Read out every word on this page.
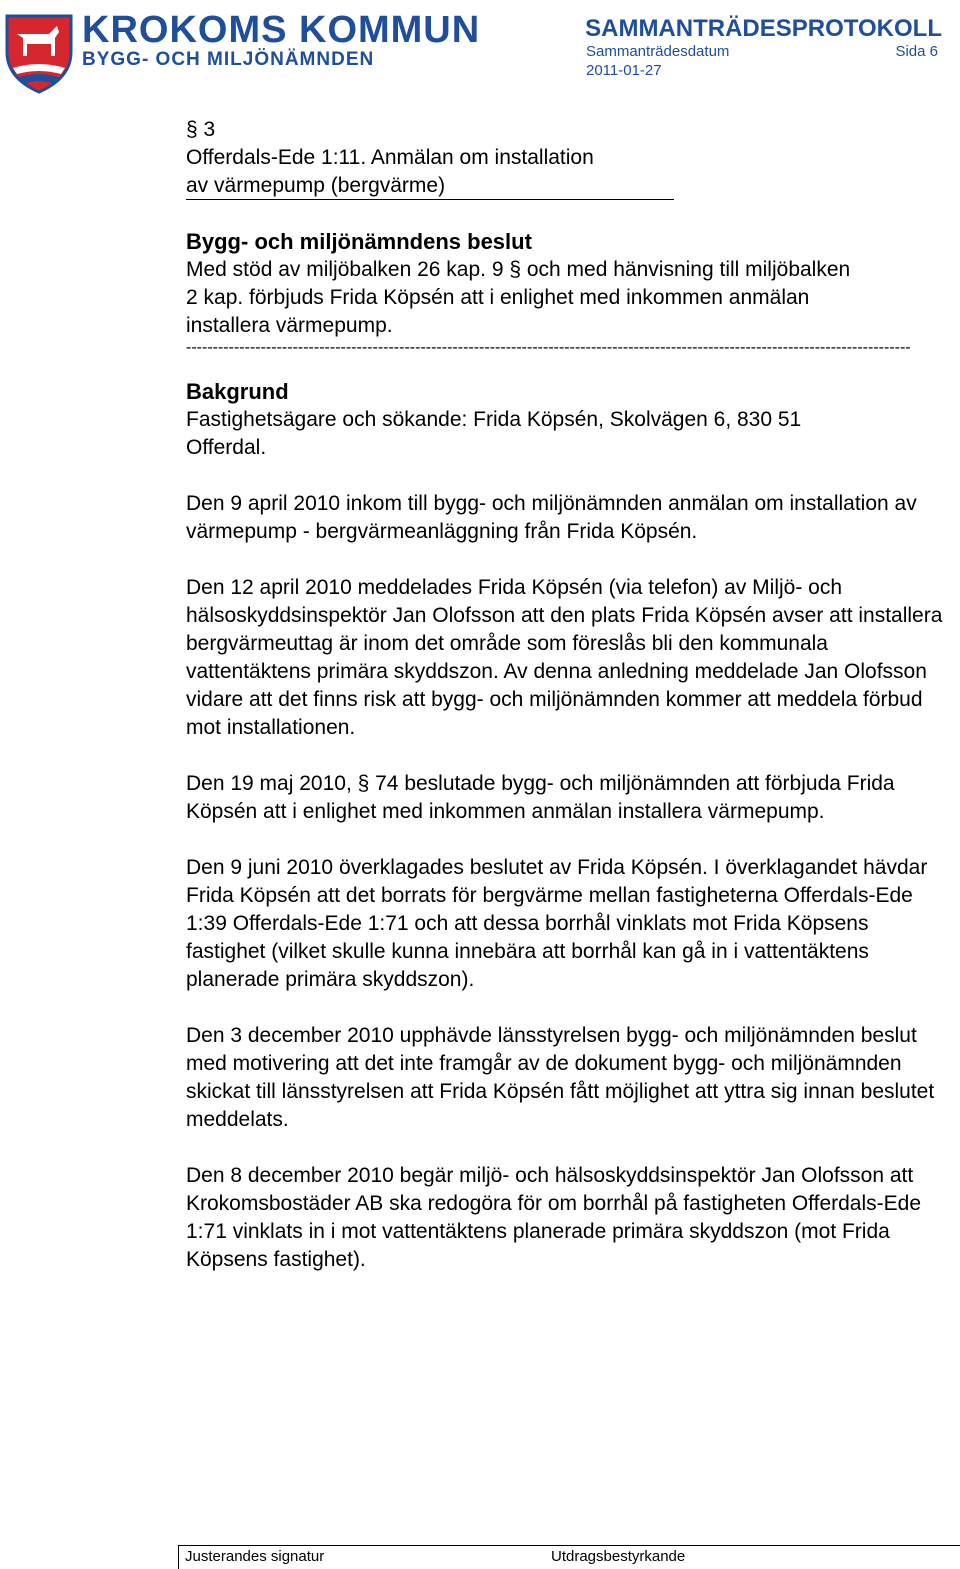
KROKOMS KOMMUN
BYGG- OCH MILJÖNÄMNDEN
SAMMANTRÄDESPROTOKOLL
Sammanträdesdatum	Sida 6
2011-01-27

§ 3

Offerdals-Ede 1:11. Anmälan om installation
av värmepump (bergvärme)

Bygg- och miljönämndens beslut

Med stöd av miljöbalken 26 kap. 9 § och med hänvisning till miljöbalken
2 kap. förbjuds Frida Köpsén att i enlighet med inkommen anmälan
installera värmepump.
----------------------------------------------------------------------------------------------------------------------------------------

Bakgrund

Fastighetsägare och sökande: Frida Köpsén, Skolvägen 6, 830 51 Offerdal.

Den 9 april 2010 inkom till bygg- och miljönämnden anmälan om installation av värmepump - bergvärmeanläggning från Frida Köpsén.

Den 12 april 2010 meddelades Frida Köpsén (via telefon) av Miljö- och hälsoskyddsinspektör Jan Olofsson att den plats Frida Köpsén avser att installera bergvärmeuttag är inom det område som föreslås bli den kommunala vattentäktens primära skyddszon. Av denna anledning meddelade Jan Olofsson vidare att det finns risk att bygg- och miljönämnden kommer att meddela förbud mot installationen.

Den 19 maj 2010, § 74 beslutade bygg- och miljönämnden att förbjuda Frida Köpsén att i enlighet med inkommen anmälan installera värmepump.

Den 9 juni 2010 överklagades beslutet av Frida Köpsén. I överklagandet hävdar Frida Köpsén att det borrats för bergvärme mellan fastigheterna Offerdals-Ede 1:39 Offerdals-Ede 1:71 och att dessa borrhål vinklats mot Frida Köpsens fastighet (vilket skulle kunna innebära att borrhål kan gå in i vattentäktens planerade primära skyddszon).

Den 3 december 2010 upphävde länsstyrelsen bygg- och miljönämnden beslut med motivering att det inte framgår av de dokument bygg- och miljönämnden skickat till länsstyrelsen att Frida Köpsén fått möjlighet att yttra sig innan beslutet meddelats.

Den 8 december 2010 begär miljö- och hälsoskyddsinspektör Jan Olofsson att Krokomsbostäder AB ska redogöra för om borrhål på fastigheten Offerdals-Ede 1:71 vinklats in i mot vattentäktens planerade primära skyddszon (mot Frida Köpsens fastighet).

Justerandes signatur	Utdragsbestyrkande
